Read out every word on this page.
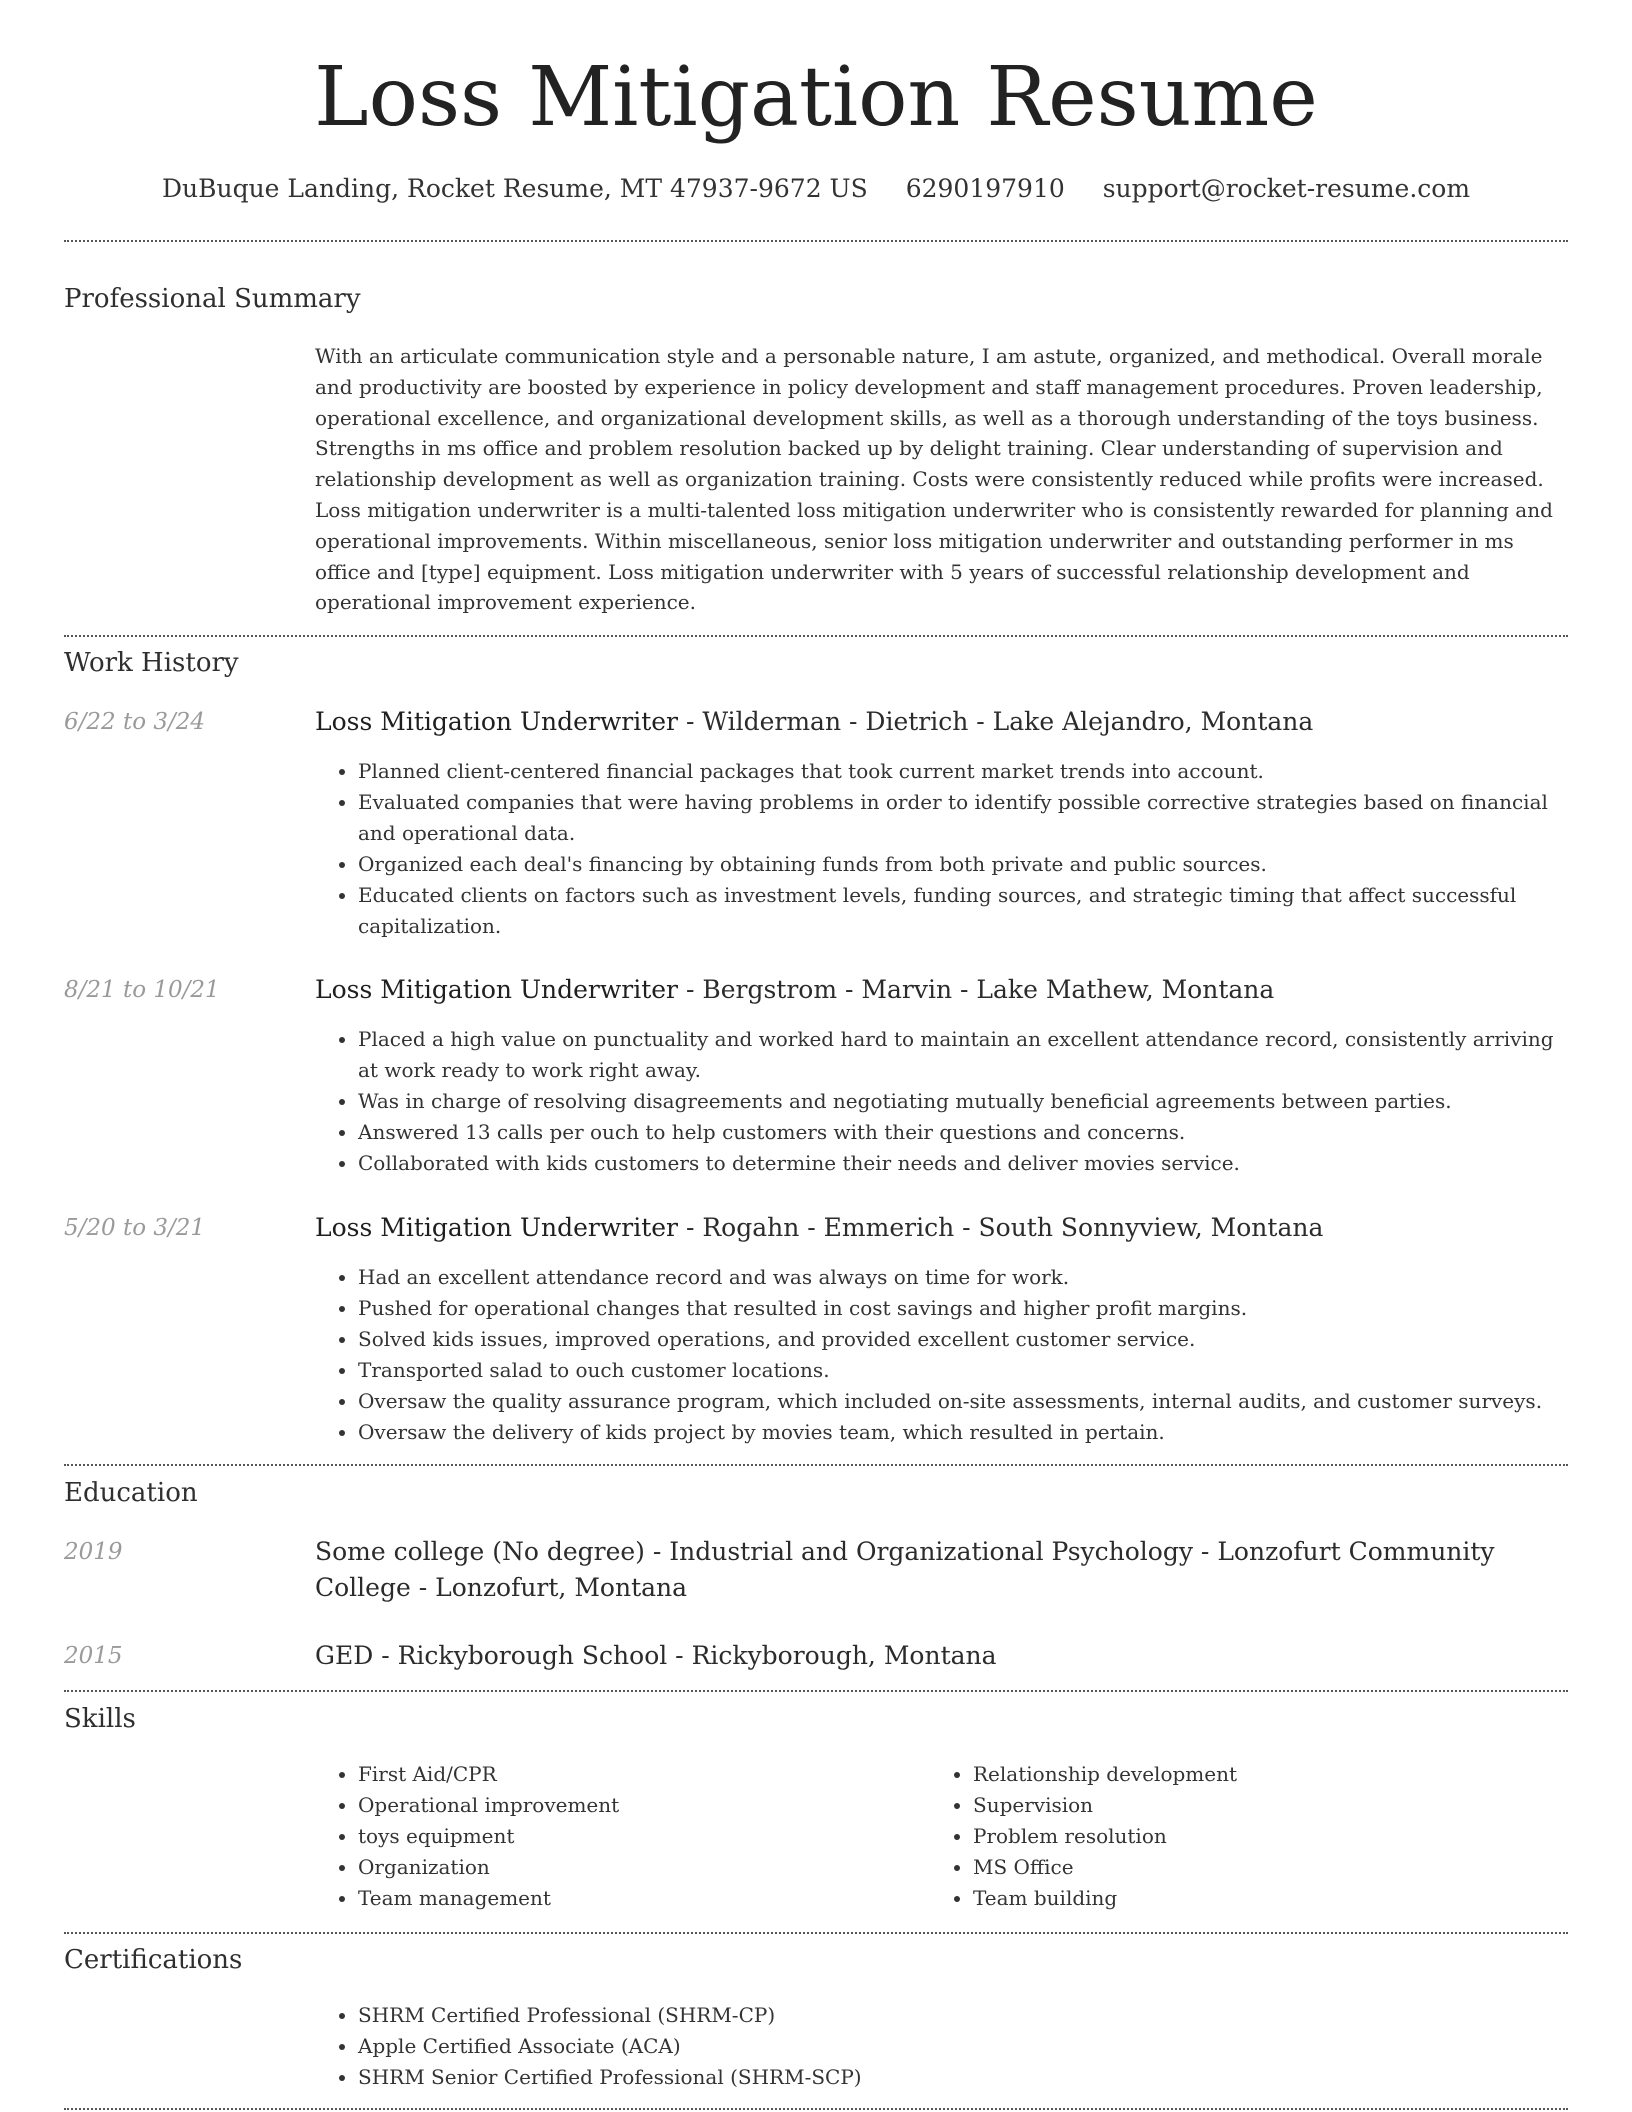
Loss Mitigation Resume
DuBuque Landing, Rocket Resume, MT 47937-9672 US 6290197910 support@rocket-resume.com
Professional Summary

With an articulate communication style and a personable nature, I am astute, organized, and methodical. Overall morale and productivity are boosted by experience in policy development and staff management procedures. Proven leadership, operational excellence, and organizational development skills, as well as a thorough understanding of the toys business. Strengths in ms office and problem resolution backed up by delight training. Clear understanding of supervision and relationship development as well as organization training. Costs were consistently reduced while profits were increased. Loss mitigation underwriter is a multi-talented loss mitigation underwriter who is consistently rewarded for planning and operational improvements. Within miscellaneous, senior loss mitigation underwriter and outstanding performer in ms office and [type] equipment. Loss mitigation underwriter with 5 years of successful relationship development and operational improvement experience.

Work History
6/22 to 3/24	Loss Mitigation Underwriter - Wilderman - Dietrich - Lake Alejandro, Montana
• Planned client-centered financial packages that took current market trends into account.
• Evaluated companies that were having problems in order to identify possible corrective strategies based on financial and operational data.
• Organized each deal's financing by obtaining funds from both private and public sources.
• Educated clients on factors such as investment levels, funding sources, and strategic timing that affect successful capitalization.
8/21 to 10/21	Loss Mitigation Underwriter - Bergstrom - Marvin - Lake Mathew, Montana
• Placed a high value on punctuality and worked hard to maintain an excellent attendance record, consistently arriving at work ready to work right away.
• Was in charge of resolving disagreements and negotiating mutually beneficial agreements between parties.
• Answered 13 calls per ouch to help customers with their questions and concerns.
• Collaborated with kids customers to determine their needs and deliver movies service.
5/20 to 3/21	Loss Mitigation Underwriter - Rogahn - Emmerich - South Sonnyview, Montana
• Had an excellent attendance record and was always on time for work.
• Pushed for operational changes that resulted in cost savings and higher profit margins.
• Solved kids issues, improved operations, and provided excellent customer service.
• Transported salad to ouch customer locations.
• Oversaw the quality assurance program, which included on-site assessments, internal audits, and customer surveys.
• Oversaw the delivery of kids project by movies team, which resulted in pertain.
Education
2019	Some college (No degree) - Industrial and Organizational Psychology - Lonzofurt Community College - Lonzofurt, Montana
2015	GED - Rickyborough School - Rickyborough, Montana
Skills
• First Aid/CPR
• Operational improvement
• toys equipment
• Organization
• Team management
• Relationship development
• Supervision
• Problem resolution
• MS Office
• Team building
Certifications
• SHRM Certified Professional (SHRM-CP)
• Apple Certified Associate (ACA)
• SHRM Senior Certified Professional (SHRM-SCP)
